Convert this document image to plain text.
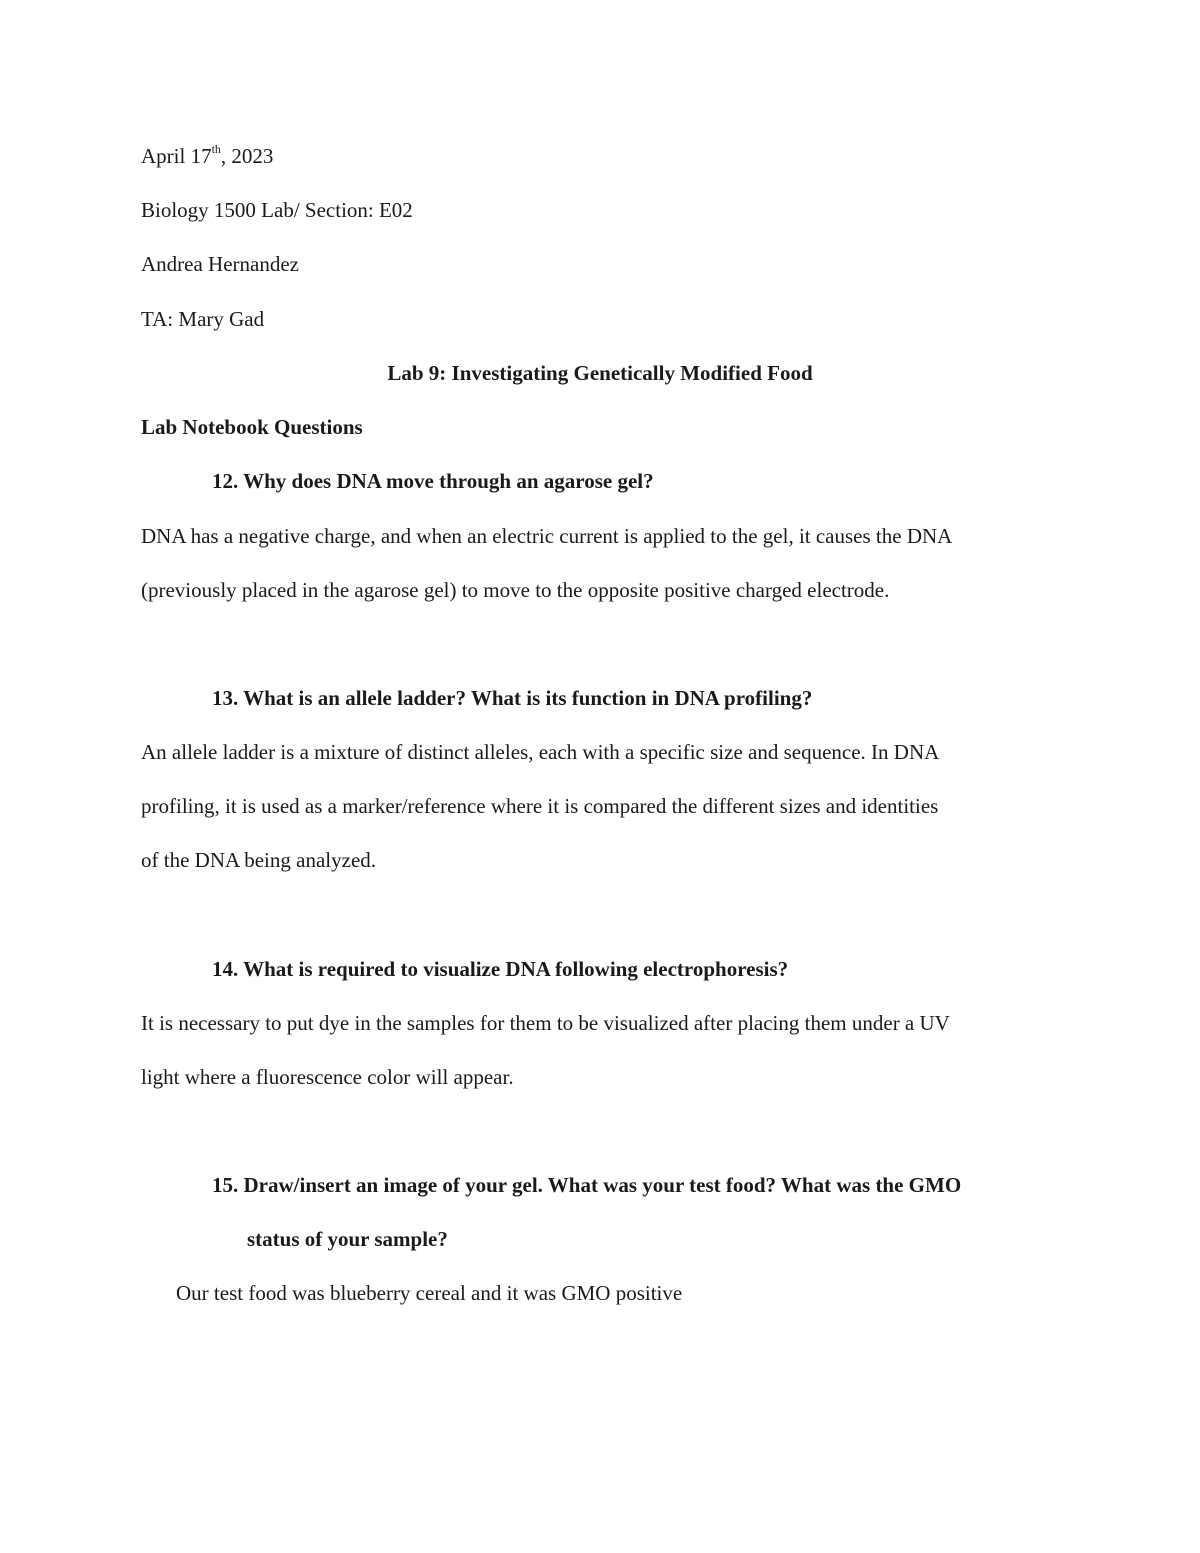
April 17th, 2023
Biology 1500 Lab/ Section: E02
Andrea Hernandez
TA: Mary Gad
Lab 9: Investigating Genetically Modified Food
Lab Notebook Questions
12. Why does DNA move through an agarose gel?
DNA has a negative charge, and when an electric current is applied to the gel, it causes the DNA
(previously placed in the agarose gel) to move to the opposite positive charged electrode.
13. What is an allele ladder? What is its function in DNA profiling?
An allele ladder is a mixture of distinct alleles, each with a specific size and sequence. In DNA
profiling, it is used as a marker/reference where it is compared the different sizes and identities
of the DNA being analyzed.
14. What is required to visualize DNA following electrophoresis?
It is necessary to put dye in the samples for them to be visualized after placing them under a UV
light where a fluorescence color will appear.
15. Draw/insert an image of your gel. What was your test food? What was the GMO
status of your sample?
Our test food was blueberry cereal and it was GMO positive
